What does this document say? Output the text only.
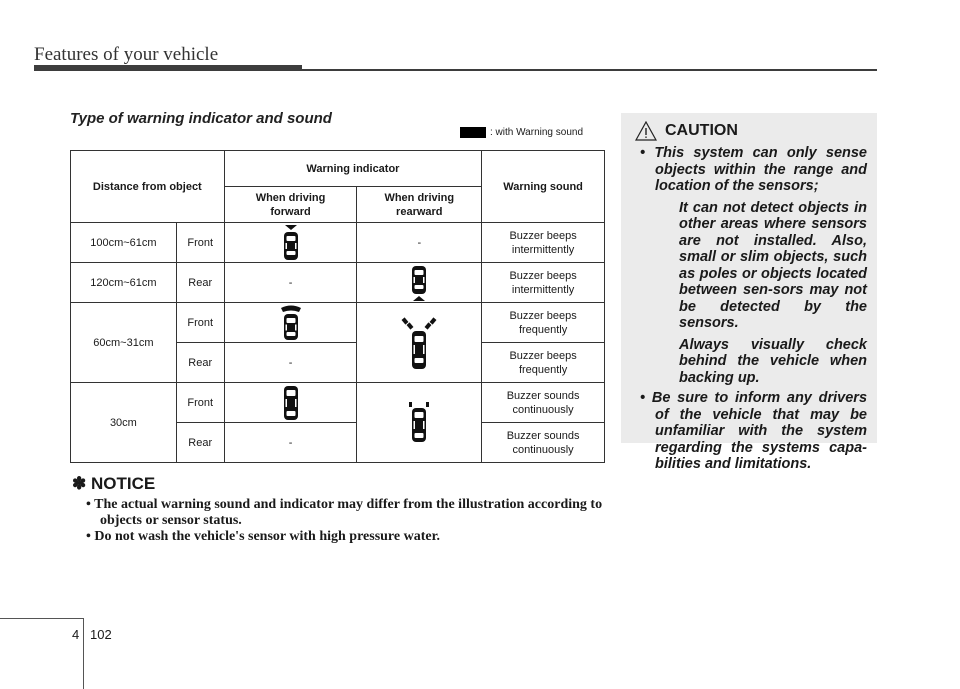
Features of your vehicle
Type of warning indicator and sound
: with Warning sound
Distance from object		Warning indicator		Warning sound

		When driving forward	When driving rearward	

100cm~61cm	Front		-	Buzzer beeps intermittently

120cm~61cm	Rear	-		Buzzer beeps intermittently

60cm~31cm	Front			Buzzer beeps frequently

	Rear	-		Buzzer beeps frequently

30cm	Front			Buzzer sounds continuously

	Rear	-		Buzzer sounds continuously
✽ NOTICE
• The actual warning sound and indicator may differ from the illustration according to objects or sensor status.
• Do not wash the vehicle's sensor with high pressure water.
CAUTION
• This system can only sense objects within the range and location of the sensors;

It can not detect objects in other areas where sensors are not installed. Also, small or slim objects, such as poles or objects located between sen-sors may not be detected by the sensors.

Always visually check behind the vehicle when backing up.

• Be sure to inform any drivers of the vehicle that may be unfamiliar with the system regarding the systems capa-bilities and limitations.
4 102
